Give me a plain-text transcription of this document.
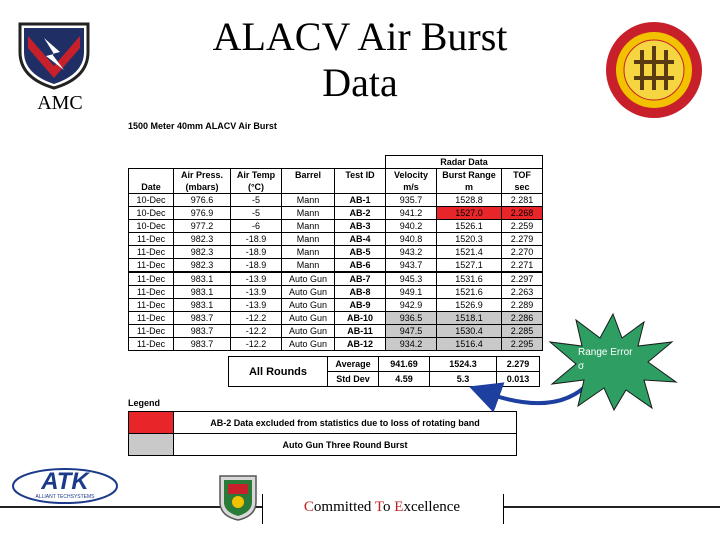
AMC
ALACV Air Burst
Data
1500 Meter 40mm ALACV Air Burst
					Radar Data		
	Air Press.	Air Temp	Barrel	Test ID	Velocity	Burst Range	TOF
Date	(mbars)	(°C)			m/s	m	sec
10-Dec	976.6	-5	Mann	AB-1	935.7	1528.8	2.281
10-Dec	976.9	-5	Mann	AB-2	941.2	1527.0	2.268
10-Dec	977.2	-6	Mann	AB-3	940.2	1526.1	2.259
11-Dec	982.3	-18.9	Mann	AB-4	940.8	1520.3	2.279
11-Dec	982.3	-18.9	Mann	AB-5	943.2	1521.4	2.270
11-Dec	982.3	-18.9	Mann	AB-6	943.7	1527.1	2.271
11-Dec	983.1	-13.9	Auto Gun	AB-7	945.3	1531.6	2.297
11-Dec	983.1	-13.9	Auto Gun	AB-8	949.1	1521.6	2.263
11-Dec	983.1	-13.9	Auto Gun	AB-9	942.9	1526.9	2.289
11-Dec	983.7	-12.2	Auto Gun	AB-10	936.5	1518.1	2.286
11-Dec	983.7	-12.2	Auto Gun	AB-11	947.5	1530.4	2.285
11-Dec	983.7	-12.2	Auto Gun	AB-12	934.2	1516.4	2.295
All Rounds	Average	941.69	1524.3	2.279
	Std Dev	4.59	5.3	0.013
Legend
	AB-2 Data excluded from statistics due to loss of rotating band
	Auto Gun Three Round Burst
Range Error
σ
ATK
ALLIANT TECHSYSTEMS
Committed To Excellence
